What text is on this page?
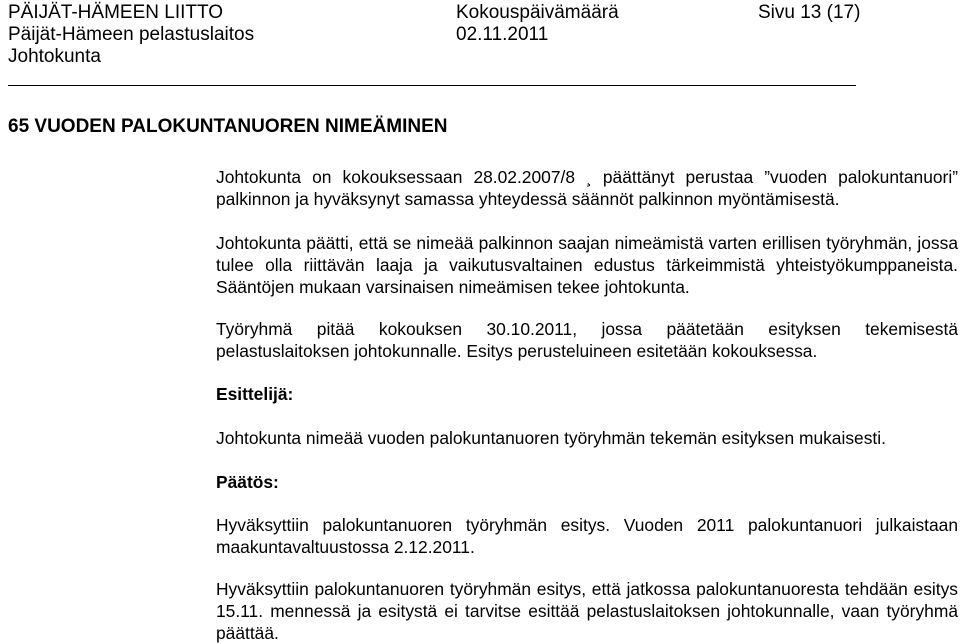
PÄIJÄT-HÄMEEN LIITTO	Kokouspäivämäärä	Sivu 13 (17)
Päijät-Hämeen pelastuslaitos	02.11.2011
Johtokunta
65 VUODEN PALOKUNTANUOREN NIMEÄMINEN

Johtokunta on kokouksessaan 28.02.2007/8 ¸ päättänyt perustaa ”vuoden palokuntanuori” palkinnon ja hyväksynyt samassa yhteydessä säännöt palkinnon myöntämisestä.

Johtokunta päätti, että se nimeää palkinnon saajan nimeämistä varten erillisen työryhmän, jossa tulee olla riittävän laaja ja vaikutusvaltainen edustus tärkeimmistä yhteistyökumppaneista. Sääntöjen mukaan varsinaisen nimeämisen tekee johtokunta.

Työryhmä pitää kokouksen 30.10.2011, jossa päätetään esityksen tekemisestä pelastuslaitoksen johtokunnalle. Esitys perusteluineen esitetään kokouksessa.

Esittelijä:

Johtokunta nimeää vuoden palokuntanuoren työryhmän tekemän esityksen mukaisesti.

Päätös:

Hyväksyttiin palokuntanuoren työryhmän esitys. Vuoden 2011 palokuntanuori julkaistaan maakuntavaltuustossa 2.12.2011.

Hyväksyttiin palokuntanuoren työryhmän esitys, että jatkossa palokuntanuoresta tehdään esitys 15.11. mennessä ja esitystä ei tarvitse esittää pelastuslaitoksen johtokunnalle, vaan työryhmä päättää.
